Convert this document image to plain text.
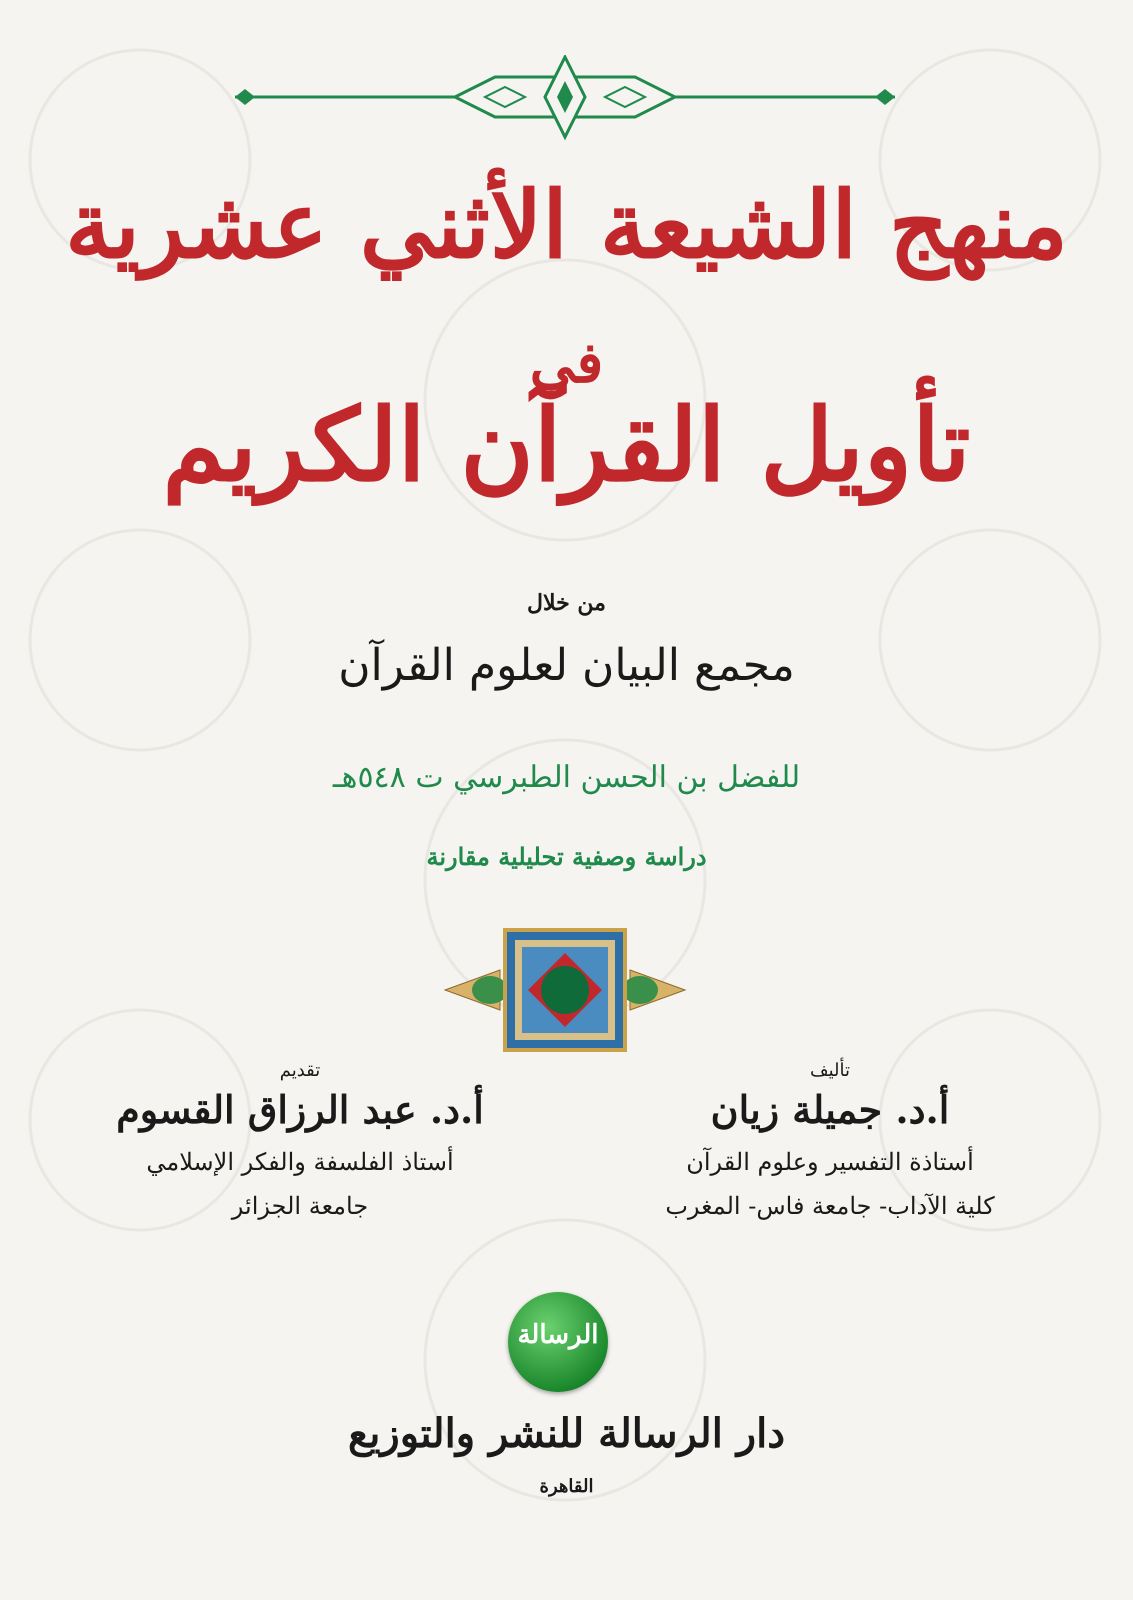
منهج الشيعة الأثني عشرية
في
تأويل القرآن الكريم
من خلال
مجمع البيان لعلوم القرآن
للفضل بن الحسن الطبرسي ت ٥٤٨هـ
دراسة وصفية تحليلية مقارنة
تأليف
أ.د. جميلة زيان
أستاذة التفسير وعلوم القرآن
كلية الآداب- جامعة فاس- المغرب
تقديم
أ.د. عبد الرزاق القسوم
أستاذ الفلسفة والفكر الإسلامي
جامعة الجزائر
الرسالة
دار الرسالة للنشر والتوزيع
القاهرة
